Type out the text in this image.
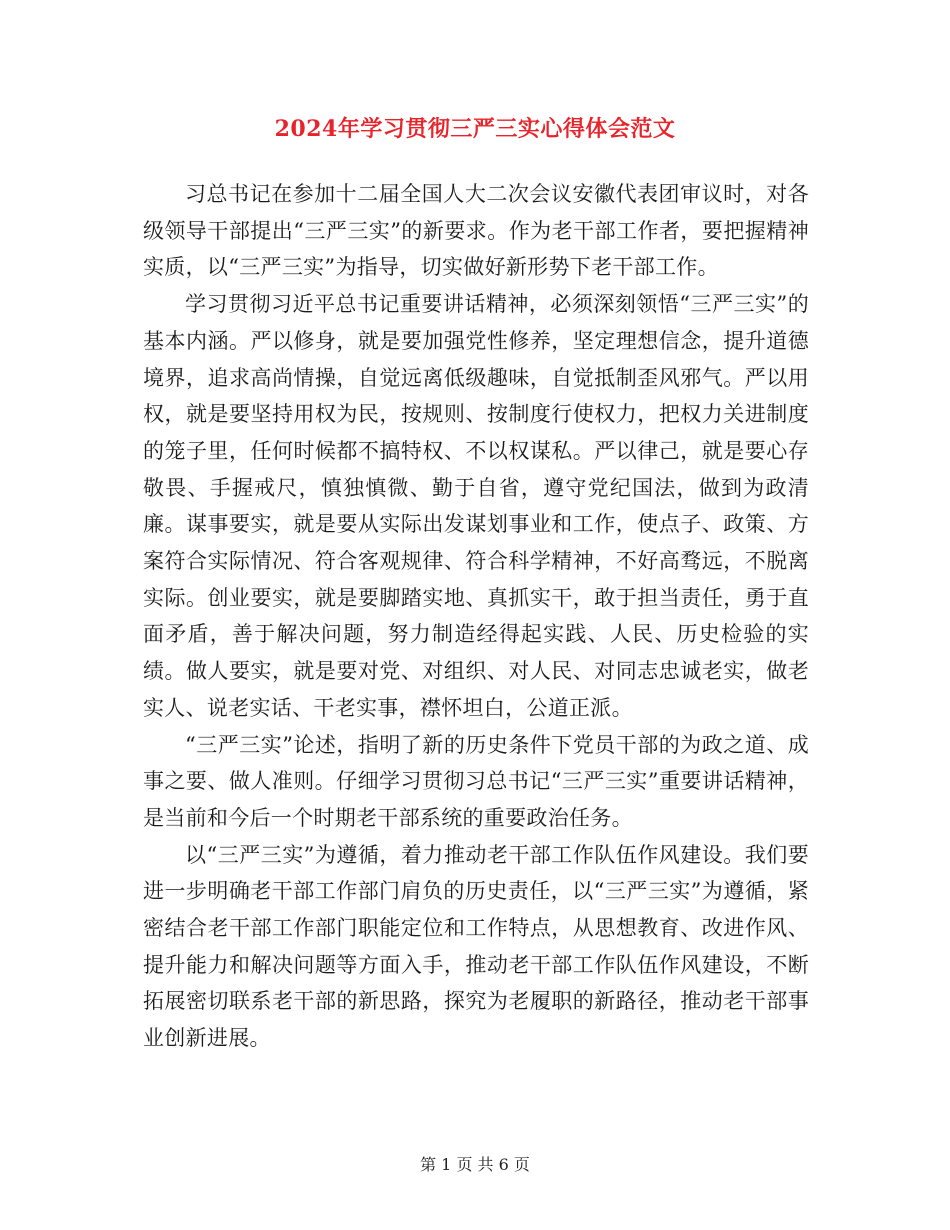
2024年学习贯彻三严三实心得体会范文

习总书记在参加十二届全国人大二次会议安徽代表团审议时，对各级领导干部提出“三严三实”的新要求。作为老干部工作者，要把握精神实质，以“三严三实”为指导，切实做好新形势下老干部工作。

学习贯彻习近平总书记重要讲话精神，必须深刻领悟“三严三实”的基本内涵。严以修身，就是要加强党性修养，坚定理想信念，提升道德境界，追求高尚情操，自觉远离低级趣味，自觉抵制歪风邪气。严以用权，就是要坚持用权为民，按规则、按制度行使权力，把权力关进制度的笼子里，任何时候都不搞特权、不以权谋私。严以律己，就是要心存敬畏、手握戒尺，慎独慎微、勤于自省，遵守党纪国法，做到为政清廉。谋事要实，就是要从实际出发谋划事业和工作，使点子、政策、方案符合实际情况、符合客观规律、符合科学精神，不好高骛远，不脱离实际。创业要实，就是要脚踏实地、真抓实干，敢于担当责任，勇于直面矛盾，善于解决问题，努力制造经得起实践、人民、历史检验的实绩。做人要实，就是要对党、对组织、对人民、对同志忠诚老实，做老实人、说老实话、干老实事，襟怀坦白，公道正派。

“三严三实”论述，指明了新的历史条件下党员干部的为政之道、成事之要、做人准则。仔细学习贯彻习总书记“三严三实”重要讲话精神，是当前和今后一个时期老干部系统的重要政治任务。

以“三严三实”为遵循，着力推动老干部工作队伍作风建设。我们要进一步明确老干部工作部门肩负的历史责任，以“三严三实”为遵循，紧密结合老干部工作部门职能定位和工作特点，从思想教育、改进作风、提升能力和解决问题等方面入手，推动老干部工作队伍作风建设，不断拓展密切联系老干部的新思路，探究为老履职的新路径，推动老干部事业创新进展。

第 1 页 共 6 页
